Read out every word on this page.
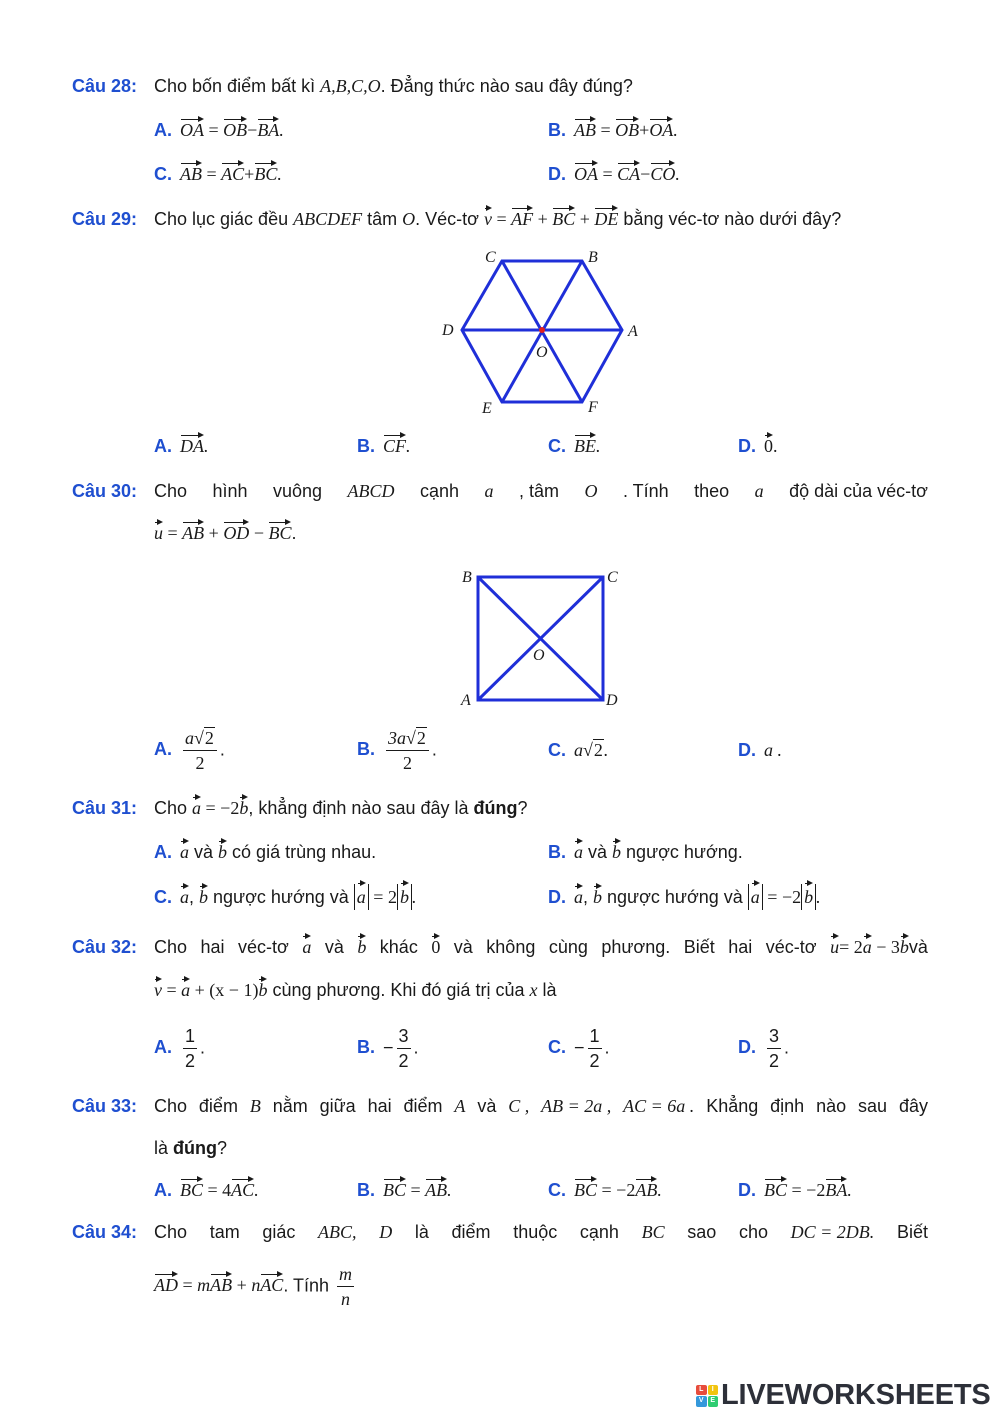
Câu 28: Cho bốn điểm bất kì A,B,C,O. Đẳng thức nào sau đây đúng?
A. OA = OB−BA.	B. AB = OB+OA.
C. AB = AC+BC.	D. OA = CA−CO.
Câu 29: Cho lục giác đều ABCDEF tâm O. Véc-tơ v = AF + BC + DE bằng véc-tơ nào dưới đây?
C	B
D	A
O
E	F
A. DA.	B. CF.	C. BE.	D. 0.
Câu 30: Cho hình vuông ABCD cạnh a , tâm O . Tính theo a độ dài của véc-tơ
u = AB + OD − BC.
B	C
O
A	D
A. $\frac{a√2}{2}$ .	B. $\frac{3a√2}{2}$ .	C. a√2.	D. a .
Câu 31: Cho a = −2b, khẳng định nào sau đây là đúng?
A. a và b có giá trùng nhau.	B. a và b ngược hướng.
C. a, b ngược hướng và a = 2 b .	D. a, b ngược hướng và a = −2 b .
Câu 32: Cho hai véc-tơ a và b khác 0 và không cùng phương. Biết hai véc-tơ u= 2a − 3bvà
v = a + (x − 1)b cùng phương. Khi đó giá trị của x là
A. $\frac{1}{2}$ .	B. − $\frac{3}{2}$ .	C. − $\frac{1}{2}$ .	D. $\frac{3}{2}$ .
Câu 33: Cho điểm B nằm giữa hai điểm A và C , AB = 2a , AC = 6a . Khẳng định nào sau đây
là đúng?
A. BC = 4AC.	B. BC = AB.	C. BC = −2AB.	D. BC = −2BA.
Câu 34: Cho tam giác ABC, D là điểm thuộc cạnh BC sao cho DC = 2DB. Biết
AD = mAB + nAC. Tính $\frac{m}{n}$
L	I
V E LIVEWORKSHEETS
